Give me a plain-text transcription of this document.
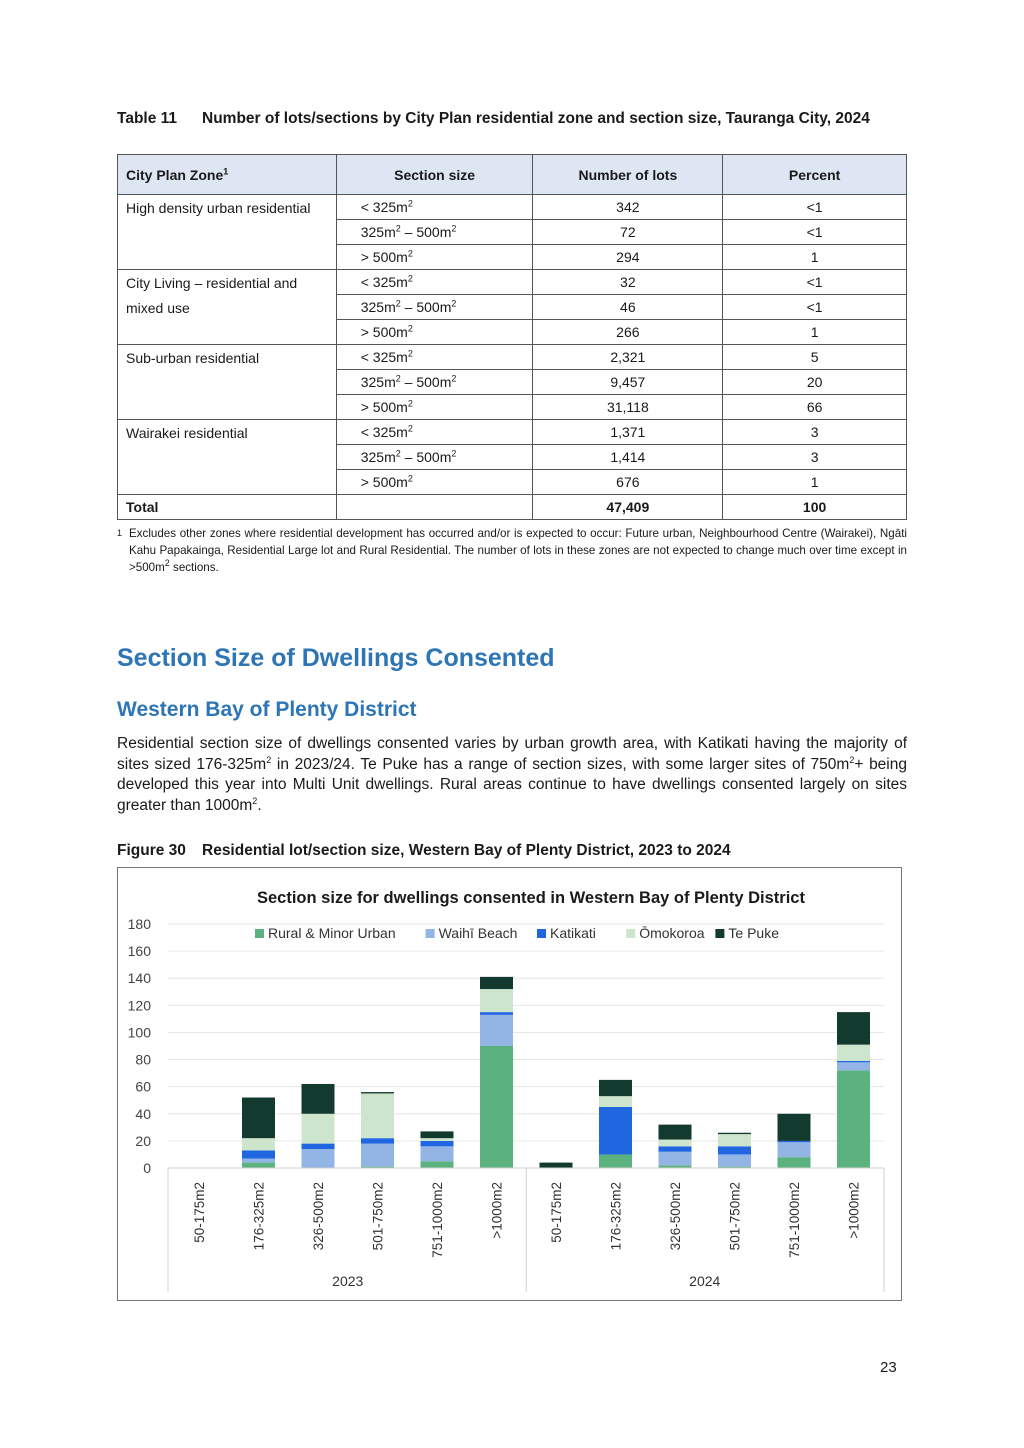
Table 11	Number of lots/sections by City Plan residential zone and section size, Tauranga City, 2024
City Plan Zone$^1$	Section size	Number of lots	Percent
High density urban residential	< $325m^2$	342	<1
	$325m^2 - 500m^2$	72	<1
	> $500m^2$	294	1
City Living – residential and mixed use	< $325m^2$	32	<1
	$325m^2 - 500m^2$	46	<1
	> $500m^2$	266	1
Sub-urban residential	< $325m^2$	2,321	5
	$325m^2 - 500m^2$	9,457	20
	> $500m^2$	31,118	66
Wairakei residential	< $325m^2$	1,371	3
	$325m^2 - 500m^2$	1,414	3
	> $500m^2$	676	1
Total		47,409	100
1 Excludes other zones where residential development has occurred and/or is expected to occur: Future urban, Neighbourhood Centre (Wairakei), Ngāti Kahu Papakainga, Residential Large lot and Rural Residential. The number of lots in these zones are not expected to change much over time except in $>500m^2$ sections.
Section Size of Dwellings Consented
Western Bay of Plenty District
Residential section size of dwellings consented varies by urban growth area, with Katikati having the majority of sites sized $176-325m^2$ in 2023/24. Te Puke has a range of section sizes, with some larger sites of $750m^2+$ being developed this year into Multi Unit dwellings. Rural areas continue to have dwellings consented largely on sites greater than $1000m^2$.
Figure 30	Residential lot/section size, Western Bay of Plenty District, 2023 to 2024
Section size for dwellings consented in Western Bay of Plenty District
0
20
40
60
80
100
120
140
160
180
Rural & Minor Urban	Waihī Beach Katikati	Ōmokoroa Te Puke
50-175m2	176-325m2	326-500m2	501-750m2	751-1000m2	>1000m2	50-175m2	176-325m2	326-500m2	501-750m2	751-1000m2	>1000m2
2023	2024
23
